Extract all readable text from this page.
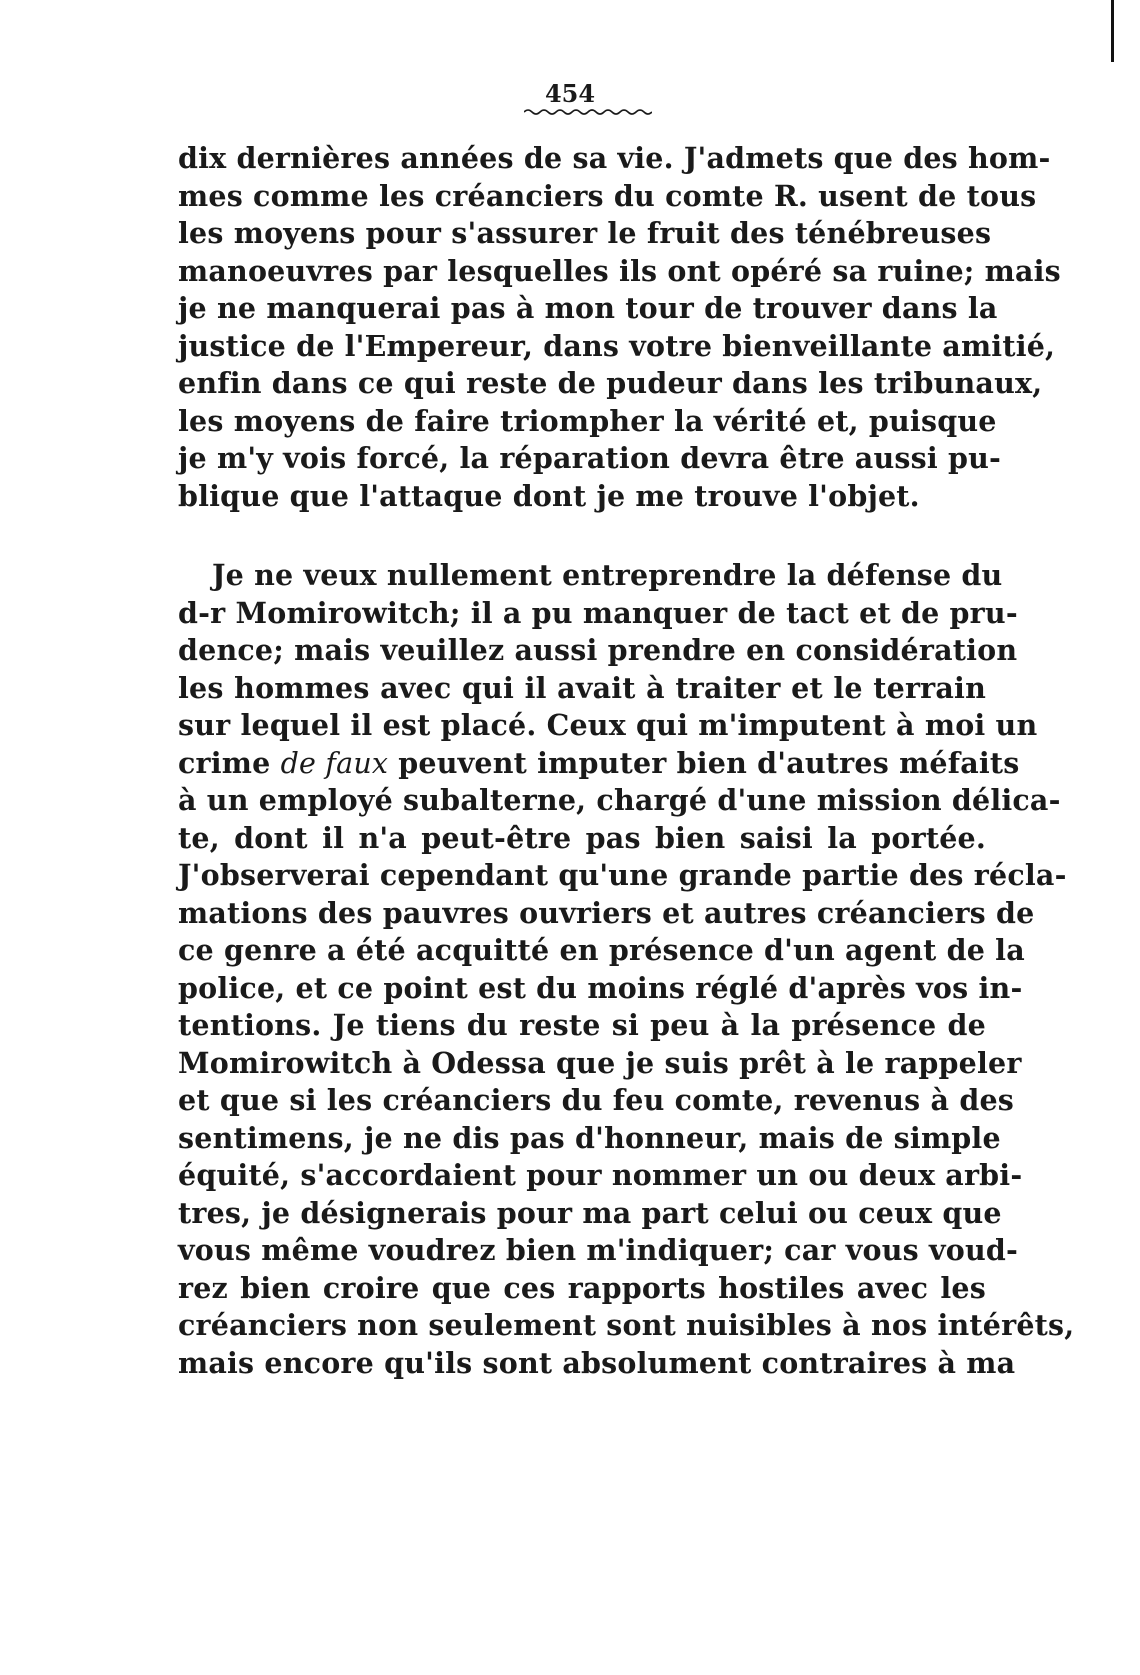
454
dix dernières années de sa vie. J'admets que des hom-
mes comme les créanciers du comte R. usent de tous
les moyens pour s'assurer le fruit des ténébreuses
manoeuvres par lesquelles ils ont opéré sa ruine; mais
je ne manquerai pas à mon tour de trouver dans la
justice de l'Empereur, dans votre bienveillante amitié,
enfin dans ce qui reste de pudeur dans les tribunaux,
les moyens de faire triompher la vérité et, puisque
je m'y vois forcé, la réparation devra être aussi pu-
blique que l'attaque dont je me trouve l'objet.
Je ne veux nullement entreprendre la défense du
d-r Momirowitch; il a pu manquer de tact et de pru-
dence; mais veuillez aussi prendre en considération
les hommes avec qui il avait à traiter et le terrain
sur lequel il est placé. Ceux qui m'imputent à moi un
crime de faux peuvent imputer bien d'autres méfaits
à un employé subalterne, chargé d'une mission délica-
te, dont il n'a peut-être pas bien saisi la portée.
J'observerai cependant qu'une grande partie des récla-
mations des pauvres ouvriers et autres créanciers de
ce genre a été acquitté en présence d'un agent de la
police, et ce point est du moins réglé d'après vos in-
tentions. Je tiens du reste si peu à la présence de
Momirowitch à Odessa que je suis prêt à le rappeler
et que si les créanciers du feu comte, revenus à des
sentimens, je ne dis pas d'honneur, mais de simple
équité, s'accordaient pour nommer un ou deux arbi-
tres, je désignerais pour ma part celui ou ceux que
vous même voudrez bien m'indiquer; car vous voud-
rez bien croire que ces rapports hostiles avec les
créanciers non seulement sont nuisibles à nos intérêts,
mais encore qu'ils sont absolument contraires à ma
